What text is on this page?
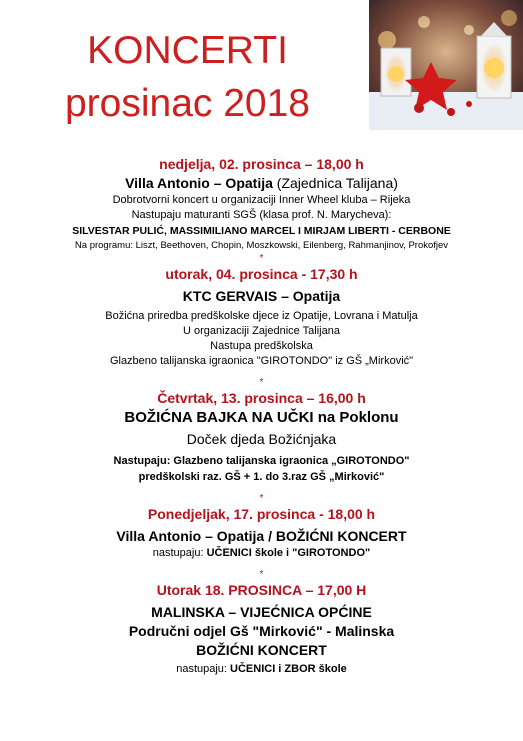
KONCERTI
prosinac 2018
nedjelja, 02. prosinca – 18,00 h
Villa Antonio – Opatija (Zajednica Talijana)
Dobrotvorni koncert u organizaciji Inner Wheel kluba – Rijeka
Nastupaju maturanti SGŠ (klasa prof. N. Marycheva):
SILVESTAR PULIĆ, MASSIMILIANO MARCEL I MIRJAM LIBERTI - CERBONE
Na programu: Liszt, Beethoven, Chopin, Moszkowski, Eilenberg, Rahmanjinov, Prokofjev
*
utorak, 04. prosinca - 17,30 h
KTC GERVAIS – Opatija
Božićna priredba predškolske djece iz Opatije, Lovrana i Matulja
U organizaciji Zajednice Talijana
Nastupa predškolska
Glazbeno talijanska igraonica "GIROTONDO" iz GŠ „Mirković"
*
Četvrtak, 13. prosinca – 16,00 h
BOŽIĆNA BAJKA NA UČKI na Poklonu
Doček djeda Božićnjaka
Nastupaju: Glazbeno talijanska igraonica „GIROTONDO"
predškolski raz. GŠ + 1. do 3.raz GŠ „Mirković"
*
Ponedjeljak, 17. prosinca - 18,00 h
Villa Antonio – Opatija / BOŽIĆNI KONCERT
nastupaju: UČENICI škole i "GIROTONDO"
*
Utorak 18. PROSINCA – 17,00 H
MALINSKA – VIJEĆNICA OPĆINE
Područni odjel Gš "Mirković" - Malinska
BOŽIĆNI KONCERT
nastupaju: UČENICI i ZBOR škole
